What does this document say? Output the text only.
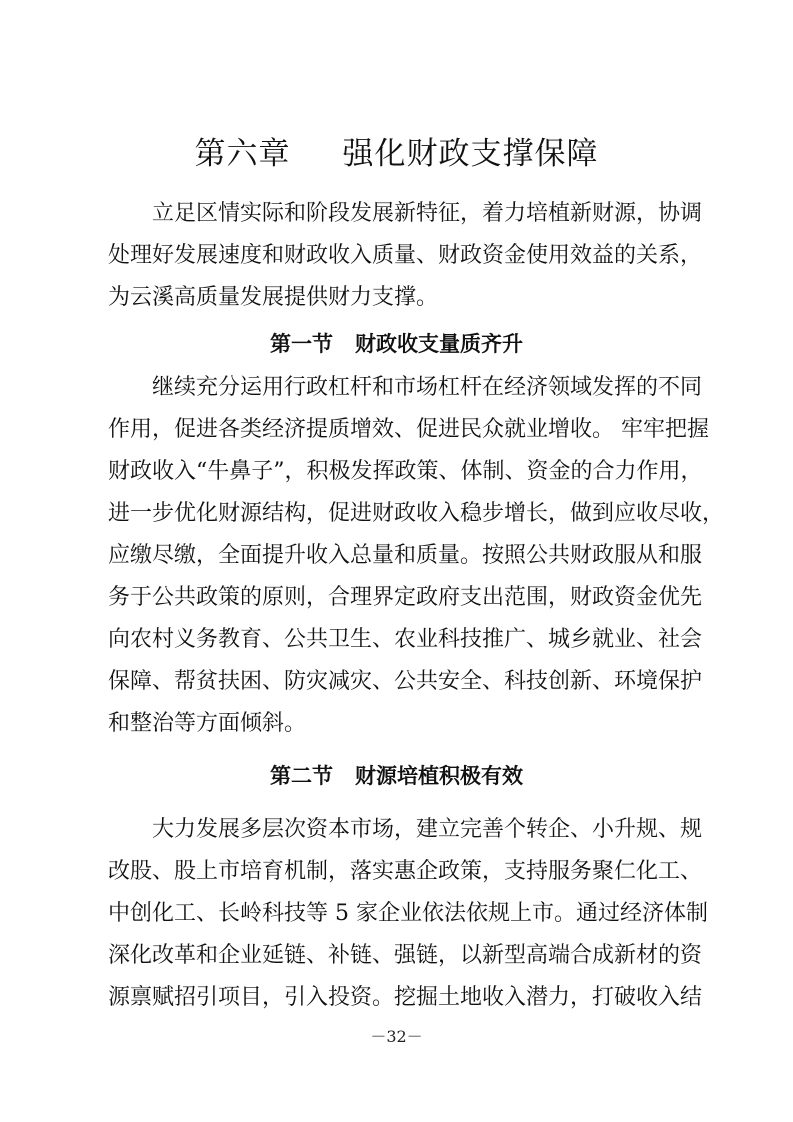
第六章 强化财政支撑保障

立足区情实际和阶段发展新特征，着力培植新财源，协调

处理好发展速度和财政收入质量、财政资金使用效益的关系，

为云溪高质量发展提供财力支撑。

第一节 财政收支量质齐升

继续充分运用行政杠杆和市场杠杆在经济领域发挥的不同

作用，促进各类经济提质增效、促进民众就业增收。 牢牢把握

财政收入“牛鼻子”，积极发挥政策、体制、资金的合力作用，

进一步优化财源结构，促进财政收入稳步增长，做到应收尽收，

应缴尽缴，全面提升收入总量和质量。按照公共财政服从和服

务于公共政策的原则，合理界定政府支出范围，财政资金优先

向农村义务教育、公共卫生、农业科技推广、城乡就业、社会

保障、帮贫扶困、防灾减灾、公共安全、科技创新、环境保护

和整治等方面倾斜。

第二节 财源培植积极有效

大力发展多层次资本市场，建立完善个转企、小升规、规

改股、股上市培育机制，落实惠企政策，支持服务聚仁化工、

中创化工、长岭科技等 5 家企业依法依规上市。通过经济体制

深化改革和企业延链、补链、强链，以新型高端合成新材的资

源禀赋招引项目，引入投资。挖掘土地收入潜力，打破收入结

－32－
